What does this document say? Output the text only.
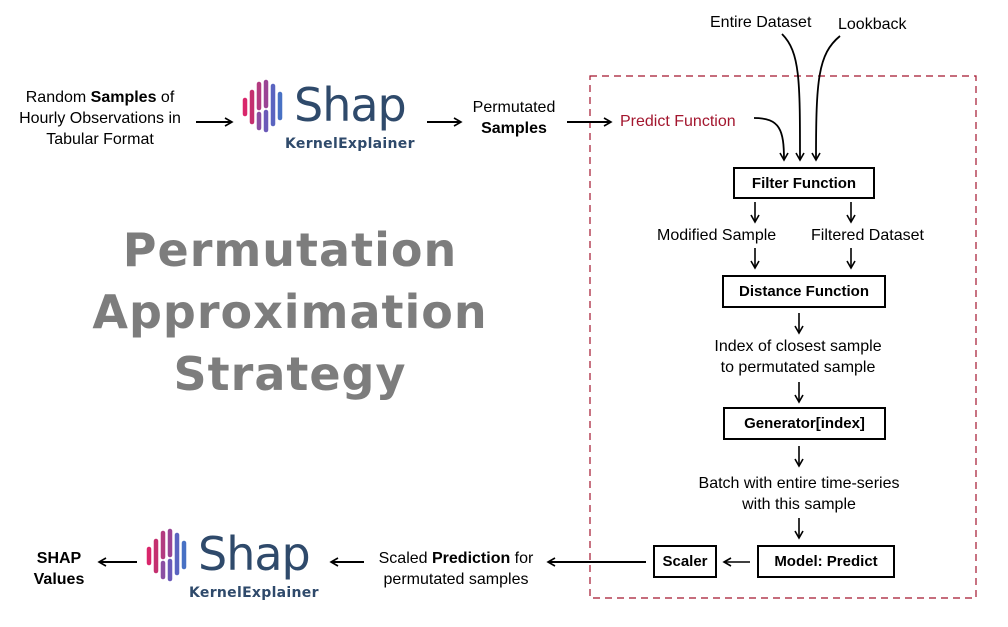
Random Samples of
Hourly Observations in
Tabular Format
Shap
KernelExplainer
Permutated
Samples	Predict Function
Entire Dataset Lookback
Filter Function
Modified Sample Filtered Dataset
Distance Function
Index of closest sample
to permutated sample
Generator[index]
Batch with entire time-series
with this sample
Model: Predict
Scaler
Scaled Prediction for
permutated samples
Shap
KernelExplainer
SHAP
Values
Permutation
Approximation
Strategy
